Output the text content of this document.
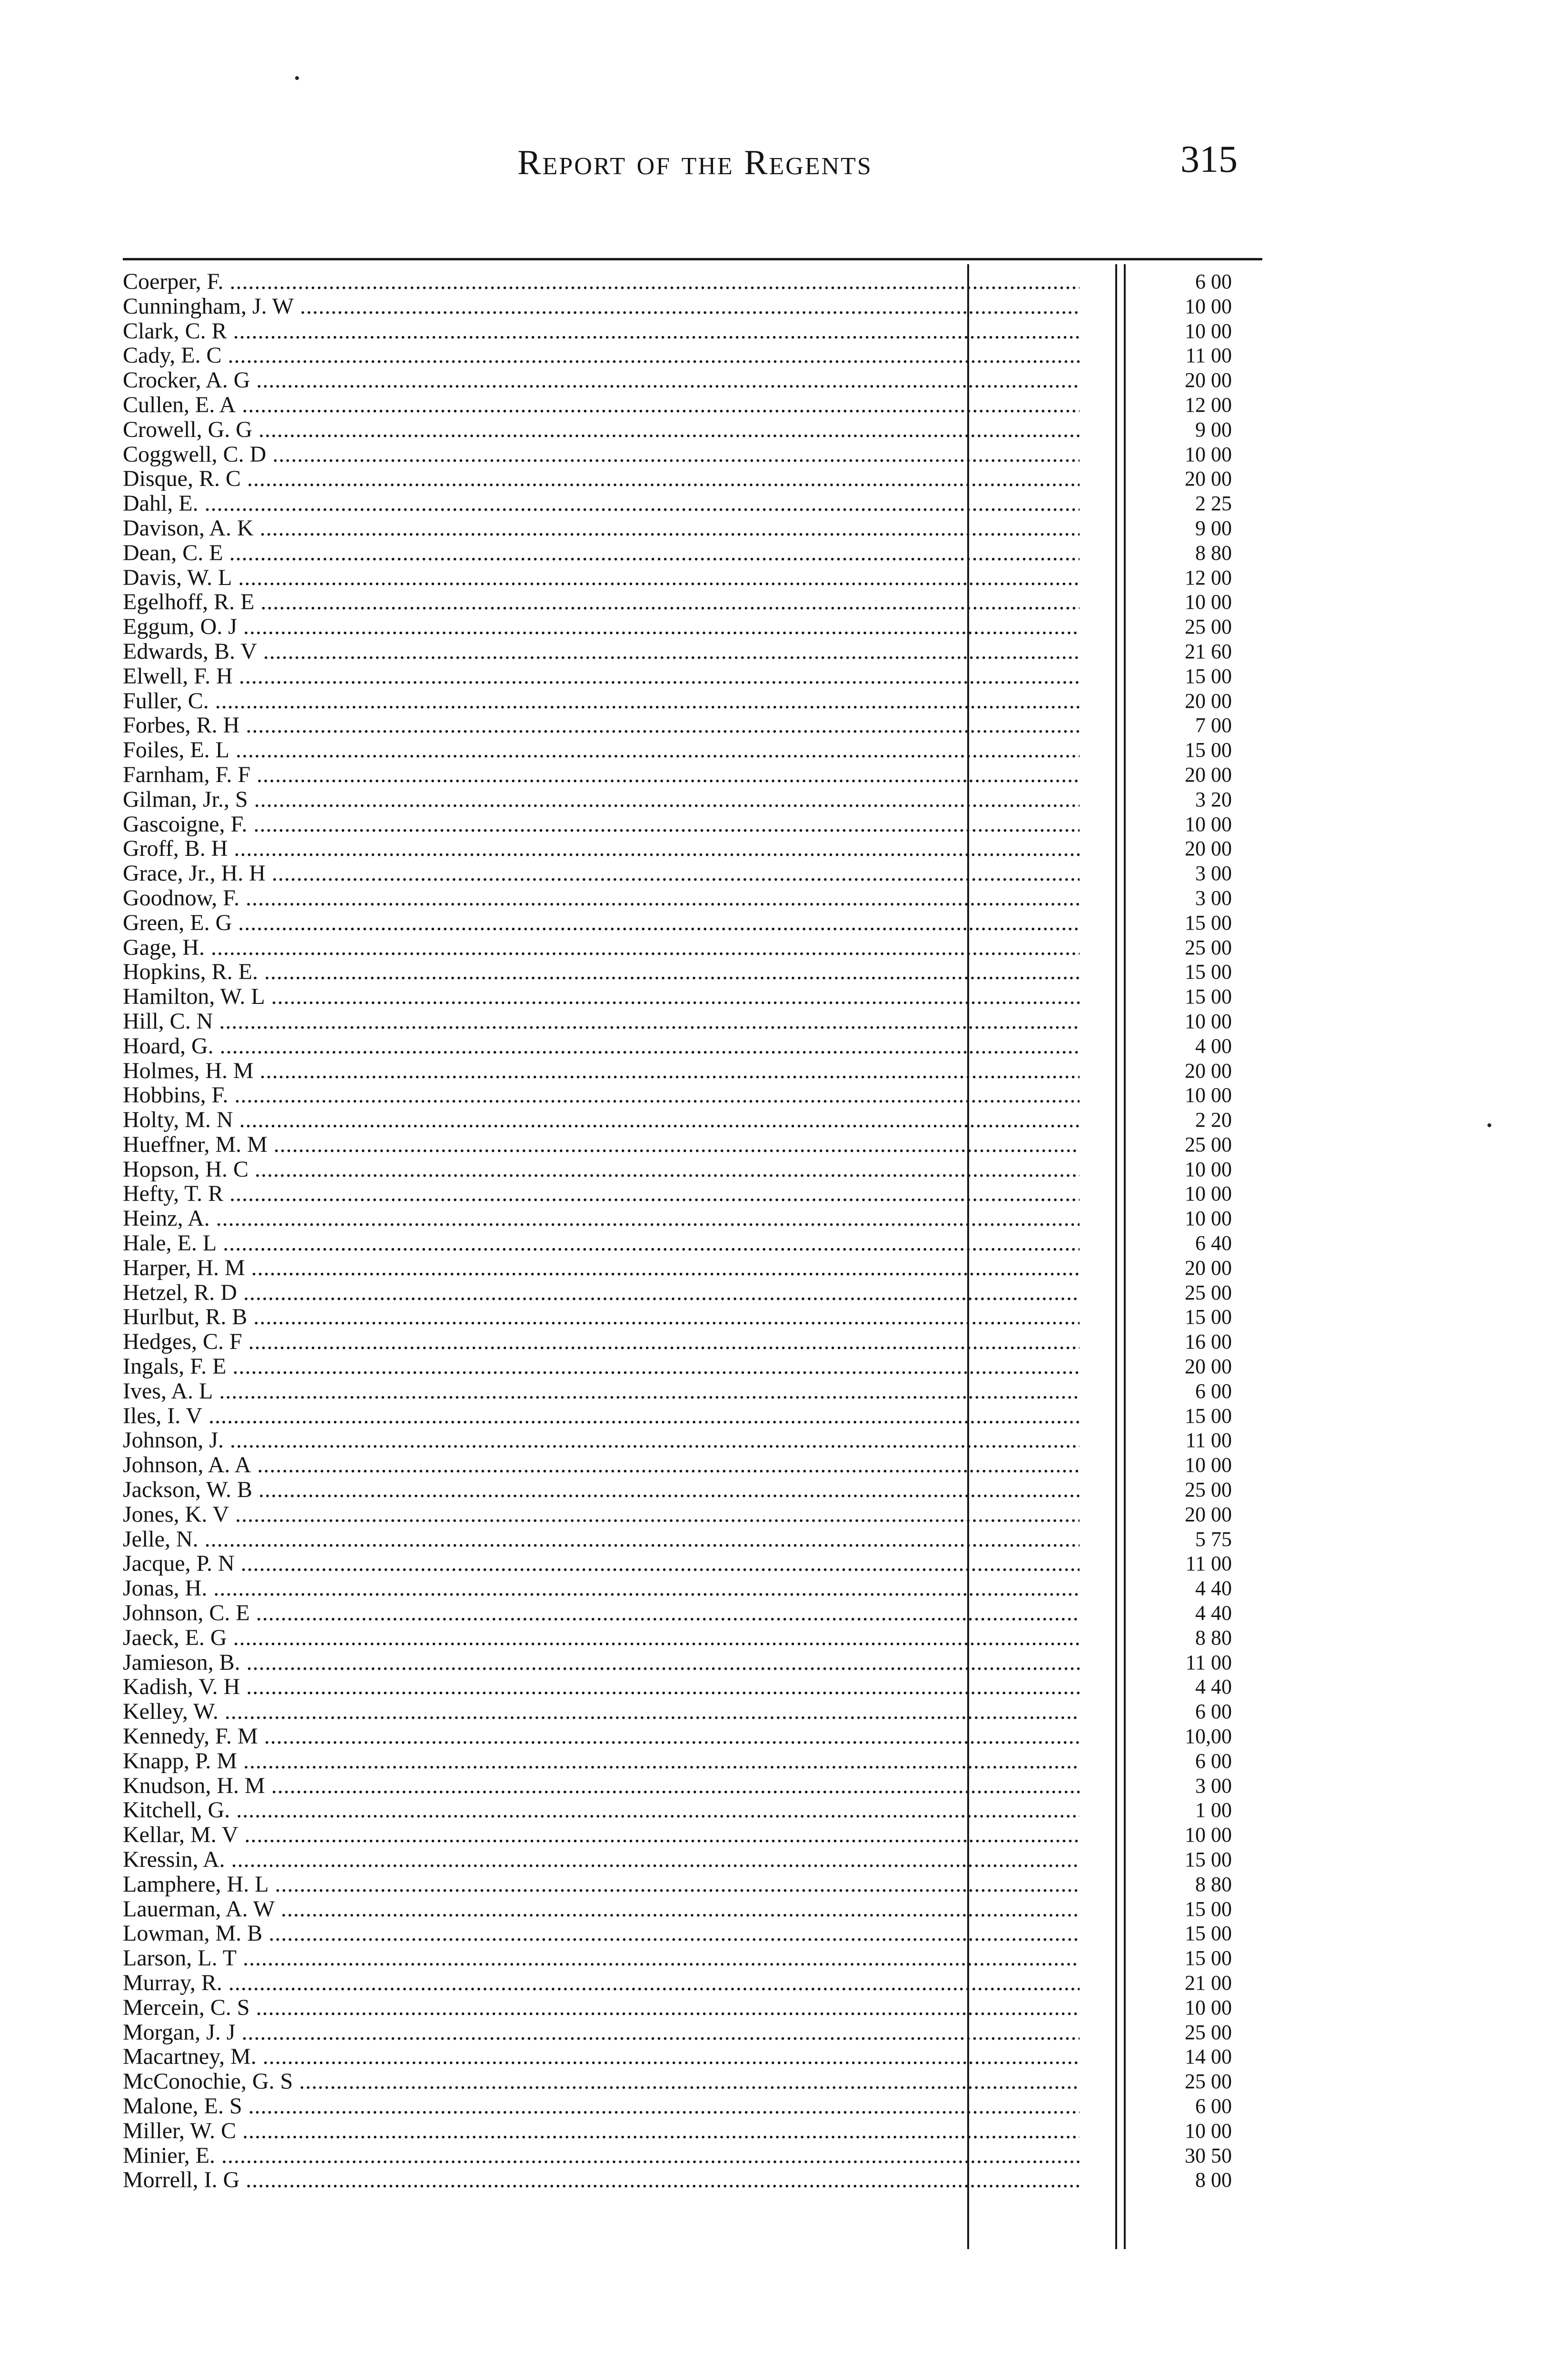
Report of the Regents	315
Coerper, F. .....	6 00
Cunningham, J. W .....	10 00
Clark, C. R .....	10 00
Cady, E. C .....	11 00
Crocker, A. G .....	20 00
Cullen, E. A .....	12 00
Crowell, G. G .....	9 00
Coggwell, C. D .....	10 00
Disque, R. C .....	20 00
Dahl, E. .....	2 25
Davison, A. K .....	9 00
Dean, C. E .....	8 80
Davis, W. L .....	12 00
Egelhoff, R. E .....	10 00
Eggum, O. J .....	25 00
Edwards, B. V .....	21 60
Elwell, F. H .....	15 00
Fuller, C. .....	20 00
Forbes, R. H .....	7 00
Foiles, E. L .....	15 00
Farnham, F. F .....	20 00
Gilman, Jr., S .....	3 20
Gascoigne, F. .....	10 00
Groff, B. H .....	20 00
Grace, Jr., H. H .....	3 00
Goodnow, F. .....	3 00
Green, E. G .....	15 00
Gage, H. .....	25 00
Hopkins, R. E. .....	15 00
Hamilton, W. L .....	15 00
Hill, C. N .....	10 00
Hoard, G. .....	4 00
Holmes, H. M .....	20 00
Hobbins, F. .....	10 00
Holty, M. N .....	2 20
Hueffner, M. M .....	25 00
Hopson, H. C .....	10 00
Hefty, T. R .....	10 00
Heinz, A. .....	10 00
Hale, E. L .....	6 40
Harper, H. M .....	20 00
Hetzel, R. D .....	25 00
Hurlbut, R. B .....	15 00
Hedges, C. F .....	16 00
Ingals, F. E .....	20 00
Ives, A. L .....	6 00
Iles, I. V .....	15 00
Johnson, J. .....	11 00
Johnson, A. A .....	10 00
Jackson, W. B .....	25 00
Jones, K. V .....	20 00
Jelle, N. .....	5 75
Jacque, P. N .....	11 00
Jonas, H. .....	4 40
Johnson, C. E .....	4 40
Jaeck, E. G .....	8 80
Jamieson, B. .....	11 00
Kadish, V. H .....	4 40
Kelley, W. .....	6 00
Kennedy, F. M .....	10,00
Knapp, P. M .....	6 00
Knudson, H. M .....	3 00
Kitchell, G. .....	1 00
Kellar, M. V .....	10 00
Kressin, A. .....	15 00
Lamphere, H. L .....	8 80
Lauerman, A. W .....	15 00
Lowman, M. B .....	15 00
Larson, L. T .....	15 00
Murray, R. .....	21 00
Mercein, C. S .....	10 00
Morgan, J. J .....	25 00
Macartney, M. .....	14 00
McConochie, G. S .....	25 00
Malone, E. S .....	6 00
Miller, W. C .....	10 00
Minier, E. .....	30 50
Morrell, I. G .....	8 00
